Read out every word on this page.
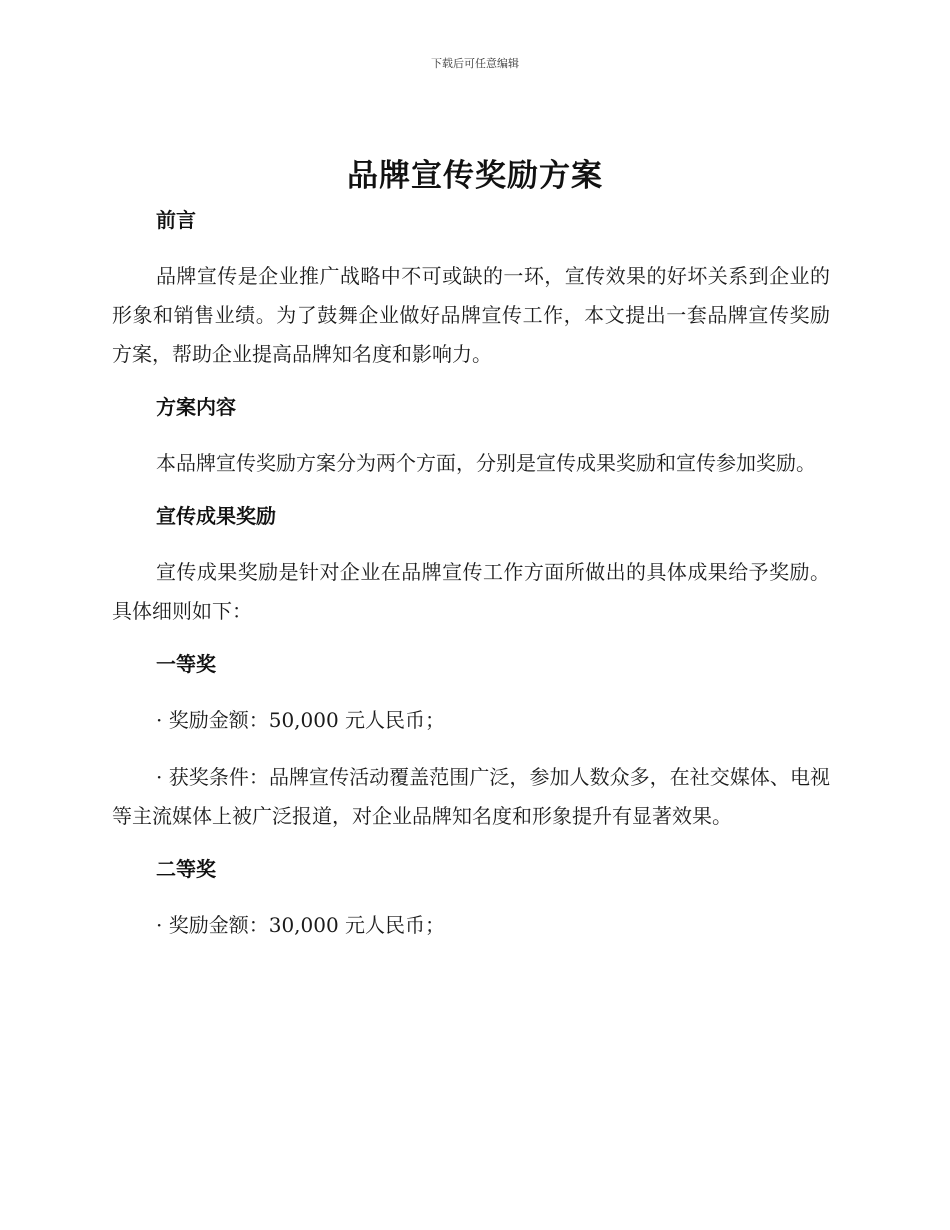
下载后可任意编辑
品牌宣传奖励方案
前言

品牌宣传是企业推广战略中不可或缺的一环，宣传效果的好坏关系到企业的形象和销售业绩。为了鼓舞企业做好品牌宣传工作，本文提出一套品牌宣传奖励方案，帮助企业提高品牌知名度和影响力。

方案内容

本品牌宣传奖励方案分为两个方面，分别是宣传成果奖励和宣传参加奖励。

宣传成果奖励

宣传成果奖励是针对企业在品牌宣传工作方面所做出的具体成果给予奖励。具体细则如下：

一等奖

· 奖励金额：50,000 元人民币；

· 获奖条件：品牌宣传活动覆盖范围广泛，参加人数众多，在社交媒体、电视等主流媒体上被广泛报道，对企业品牌知名度和形象提升有显著效果。

二等奖

· 奖励金额：30,000 元人民币；
